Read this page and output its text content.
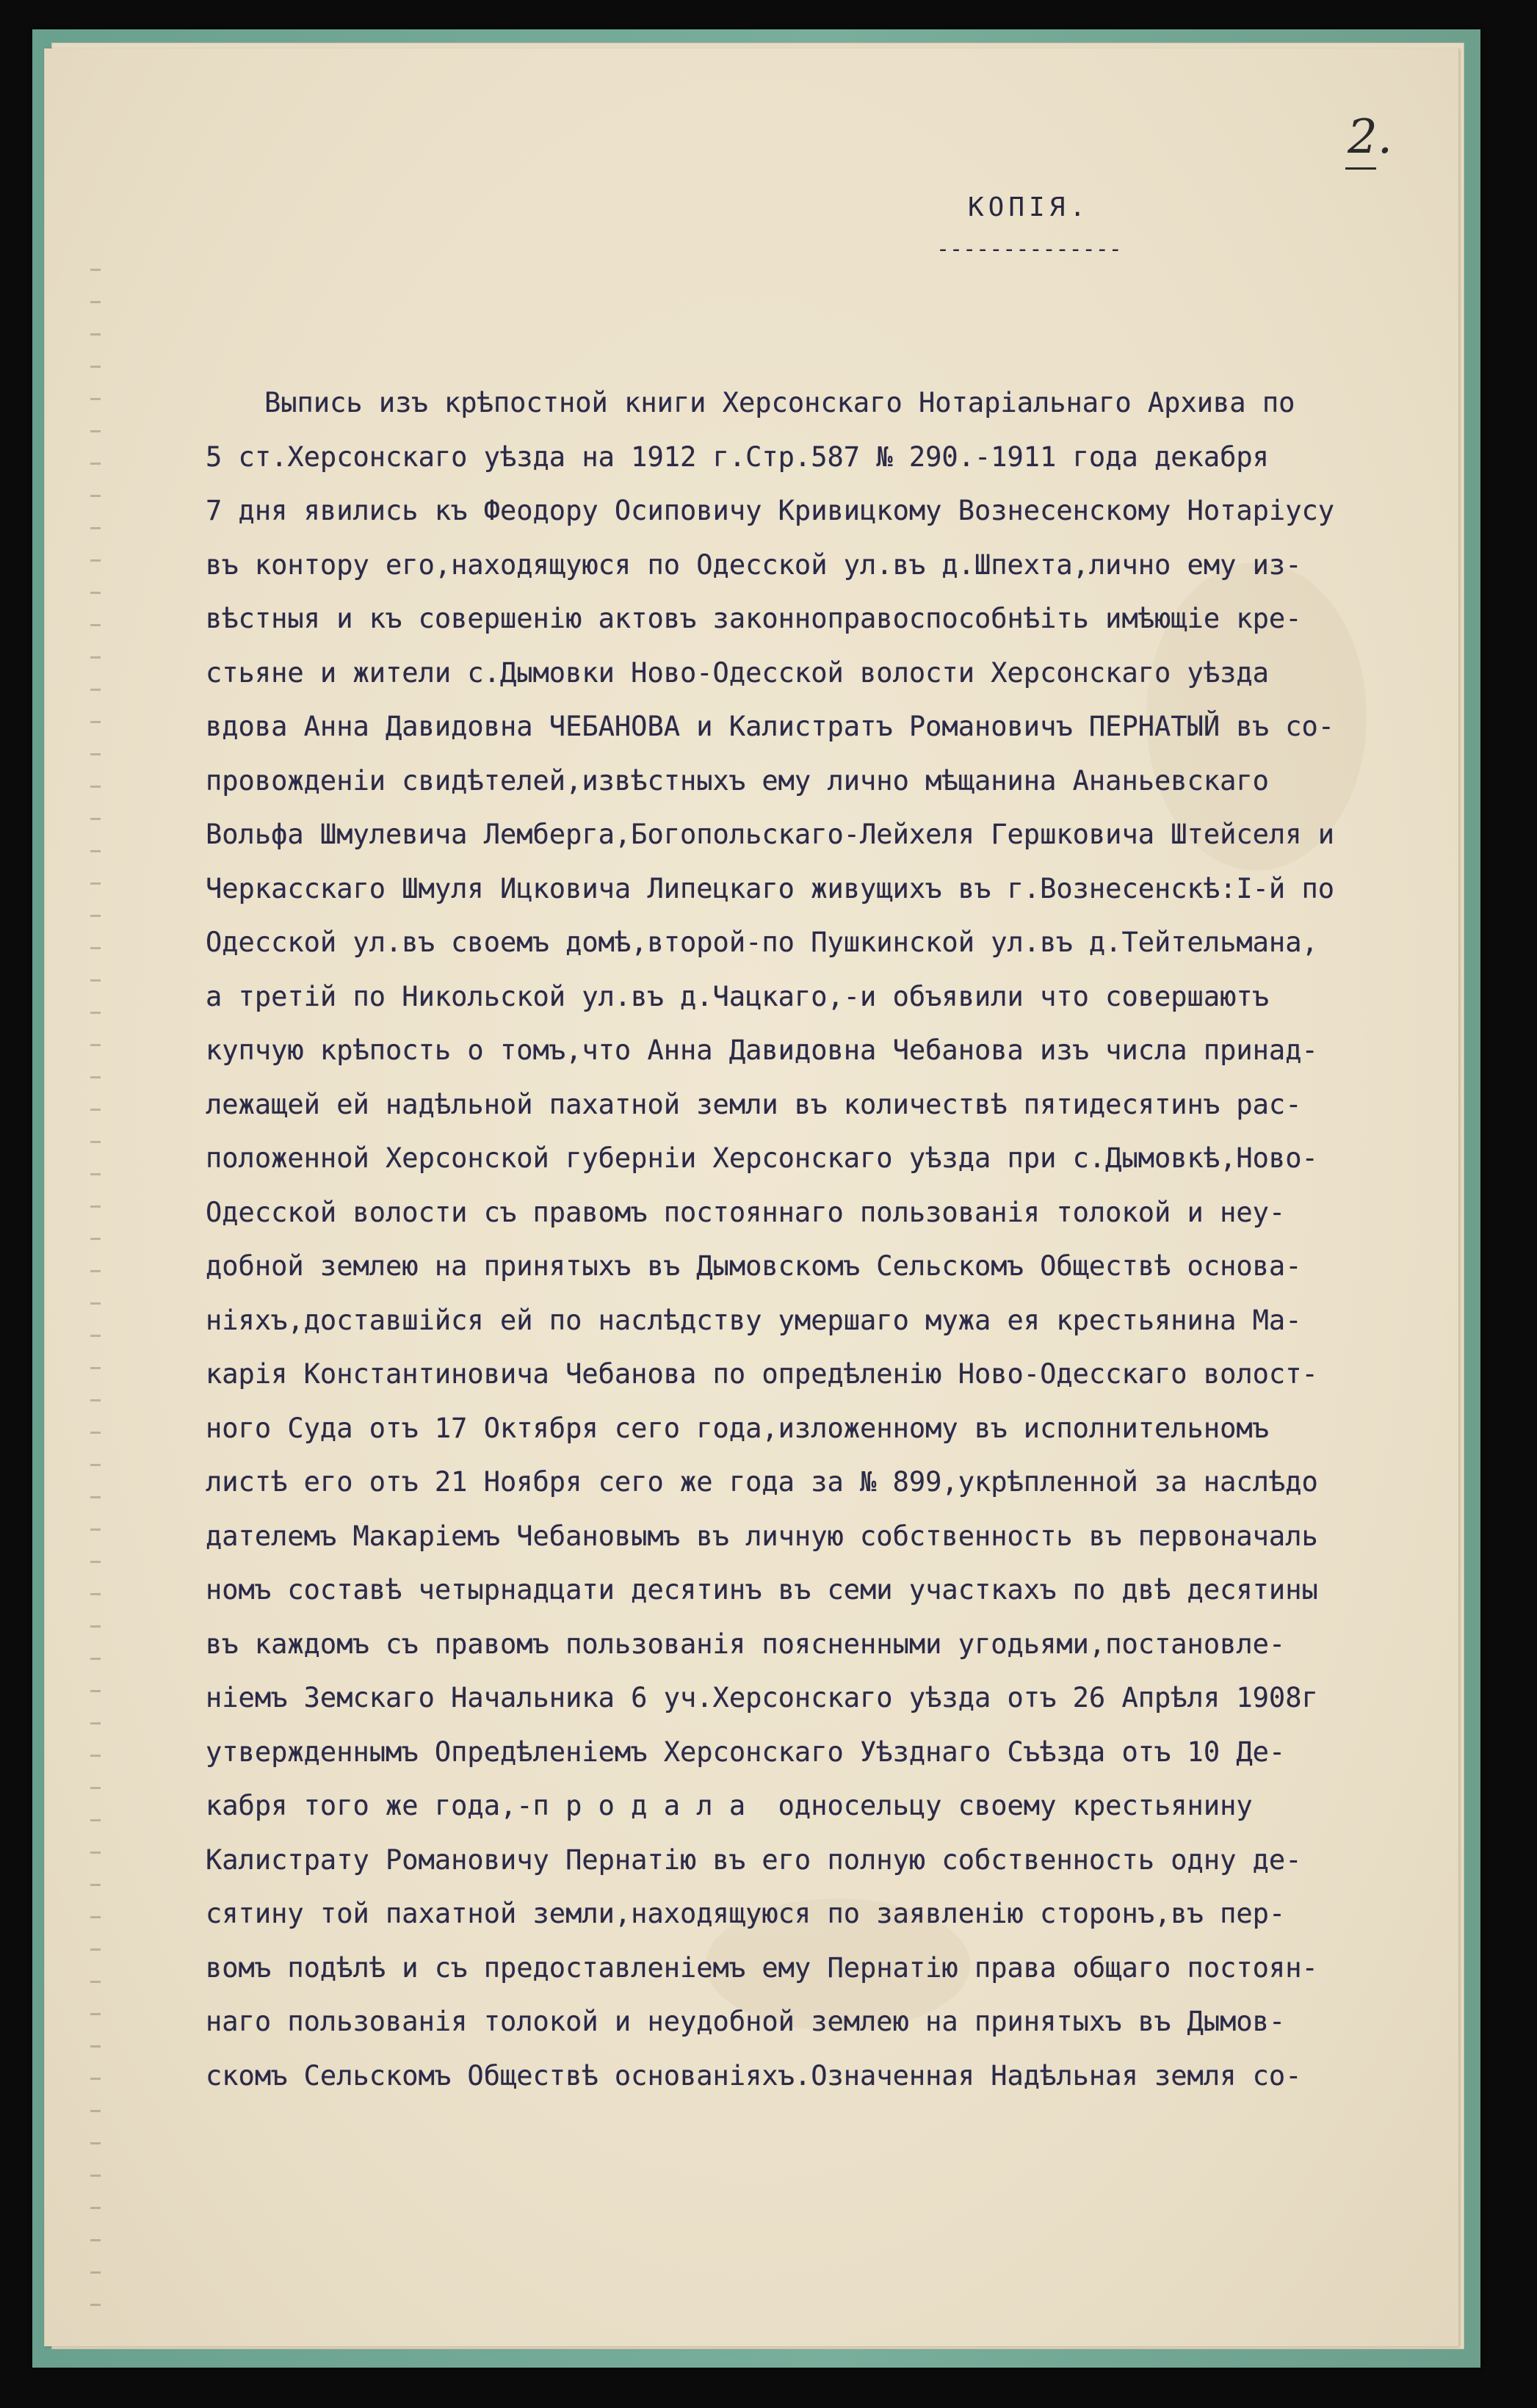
2.
КОПІЯ.
--------------
Выпись изъ крѣпостной книги Херсонскаго Нотаріальнаго Архива по
5 ст.Херсонскаго уѣзда на 1912 г.Стр.587 № 290.-1911 года декабря
7 дня явились къ Феодору Осиповичу Кривицкому Вознесенскому Нотаріусу
въ контору его,находящуюся по Одесской ул.въ д.Шпехта,лично ему из-
вѣстныя и къ совершенію актовъ законноправоспособнѣіть имѣющіе кре-
стьяне и жители с.Дымовки Ново-Одесской волости Херсонскаго уѣзда
вдова Анна Давидовна ЧЕБАНОВА и Калистратъ Романовичъ ПЕРНАТЫЙ въ со-
провожденіи свидѣтелей,извѣстныхъ ему лично мѣщанина Ананьевскаго
Вольфа Шмулевича Лемберга,Богопольскаго-Лейхеля Гершковича Штейселя и
Черкасскаго Шмуля Ицковича Липецкаго живущихъ въ г.Вознесенскѣ:I-й по
Одесской ул.въ своемъ домѣ,второй-по Пушкинской ул.въ д.Тейтельмана,
а третій по Никольской ул.въ д.Чацкаго,-и объявили что совершаютъ
купчую крѣпость о томъ,что Анна Давидовна Чебанова изъ числа принад-
лежащей ей надѣльной пахатной земли въ количествѣ пятидесятинъ рас-
положенной Херсонской губерніи Херсонскаго уѣзда при с.Дымовкѣ,Ново-
Одесской волости съ правомъ постояннаго пользованія толокой и неу-
добной землею на принятыхъ въ Дымовскомъ Сельскомъ Обществѣ основа-
ніяхъ,доставшійся ей по наслѣдству умершаго мужа ея крестьянина Ма-
карія Константиновича Чебанова по опредѣленію Ново-Одесскаго волост-
ного Суда отъ 17 Октября сего года,изложенному въ исполнительномъ
листѣ его отъ 21 Ноября сего же года за № 899,укрѣпленной за наслѣдо
дателемъ Макаріемъ Чебановымъ въ личную собственность въ первоначаль
номъ составѣ четырнадцати десятинъ въ семи участкахъ по двѣ десятины
въ каждомъ съ правомъ пользованія поясненными угодьями,постановле-
ніемъ Земскаго Начальника 6 уч.Херсонскаго уѣзда отъ 26 Апрѣля 1908г
утвержденнымъ Опредѣленіемъ Херсонскаго Уѣзднаго Съѣзда отъ 10 Де-
кабря того же года,-п р о д а л а  односельцу своему крестьянину
Калистрату Романовичу Пернатію въ его полную собственность одну де-
сятину той пахатной земли,находящуюся по заявленію сторонъ,въ пер-
вомъ подѣлѣ и съ предоставленіемъ ему Пернатію права общаго постоян-
наго пользованія толокой и неудобной землею на принятыхъ въ Дымов-
скомъ Сельскомъ Обществѣ основаніяхъ.Означенная Надѣльная земля со-
